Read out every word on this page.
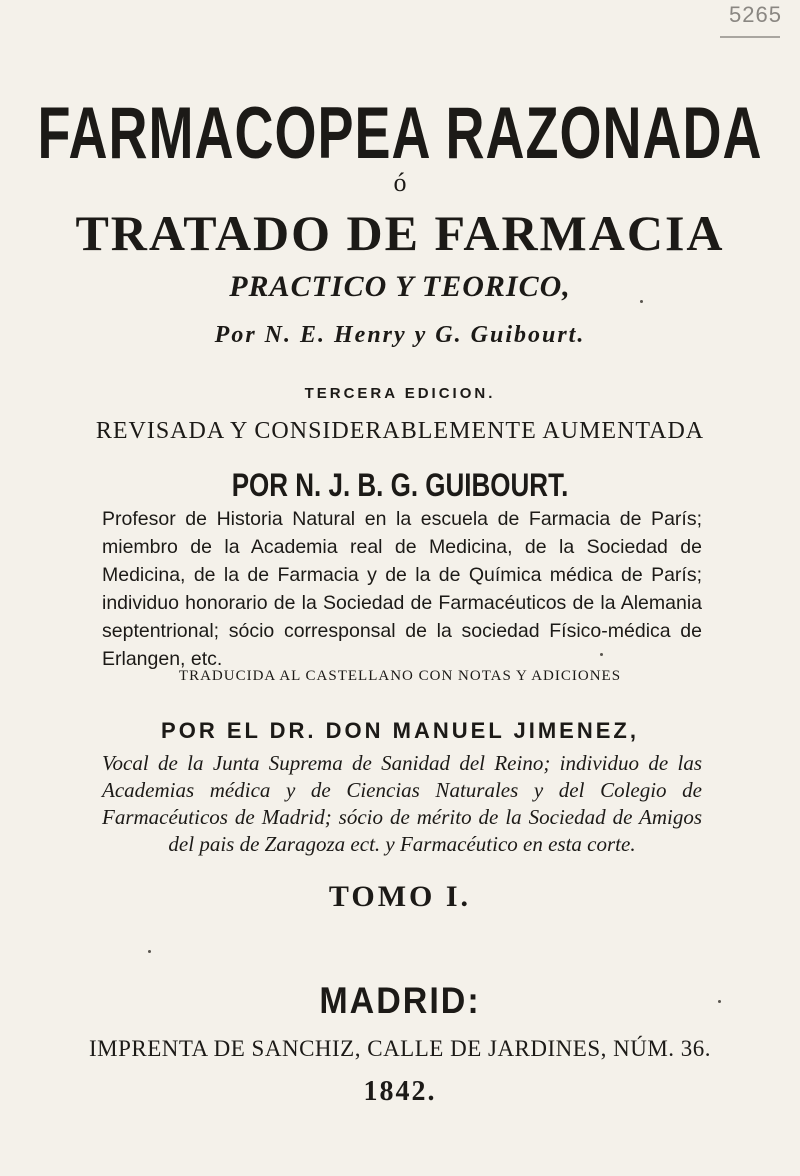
5265
FARMACOPEA RAZONADA
ó
TRATADO DE FARMACIA
PRACTICO Y TEORICO,
Por N. E. Henry y G. Guibourt.
TERCERA EDICION.
REVISADA Y CONSIDERABLEMENTE AUMENTADA
POR N. J. B. G. GUIBOURT.
Profesor de Historia Natural en la escuela de Farmacia de París; miembro de la Academia real de Medicina, de la Sociedad de Medicina, de la de Farmacia y de la de Química médica de París; individuo honorario de la Sociedad de Farmacéuticos de la Alemania septentrional; sócio corresponsal de la sociedad Físico-médica de Erlangen, etc.
TRADUCIDA AL CASTELLANO CON NOTAS Y ADICIONES
POR EL DR. DON MANUEL JIMENEZ,
Vocal de la Junta Suprema de Sanidad del Reino; individuo de las Academias médica y de Ciencias Naturales y del Colegio de Farmacéuticos de Madrid; sócio de mérito de la Sociedad de Amigos del pais de Zaragoza ect. y Farmacéutico en esta corte.
TOMO I.
MADRID:
IMPRENTA DE SANCHIZ, CALLE DE JARDINES, NÚM. 36.
1842.
